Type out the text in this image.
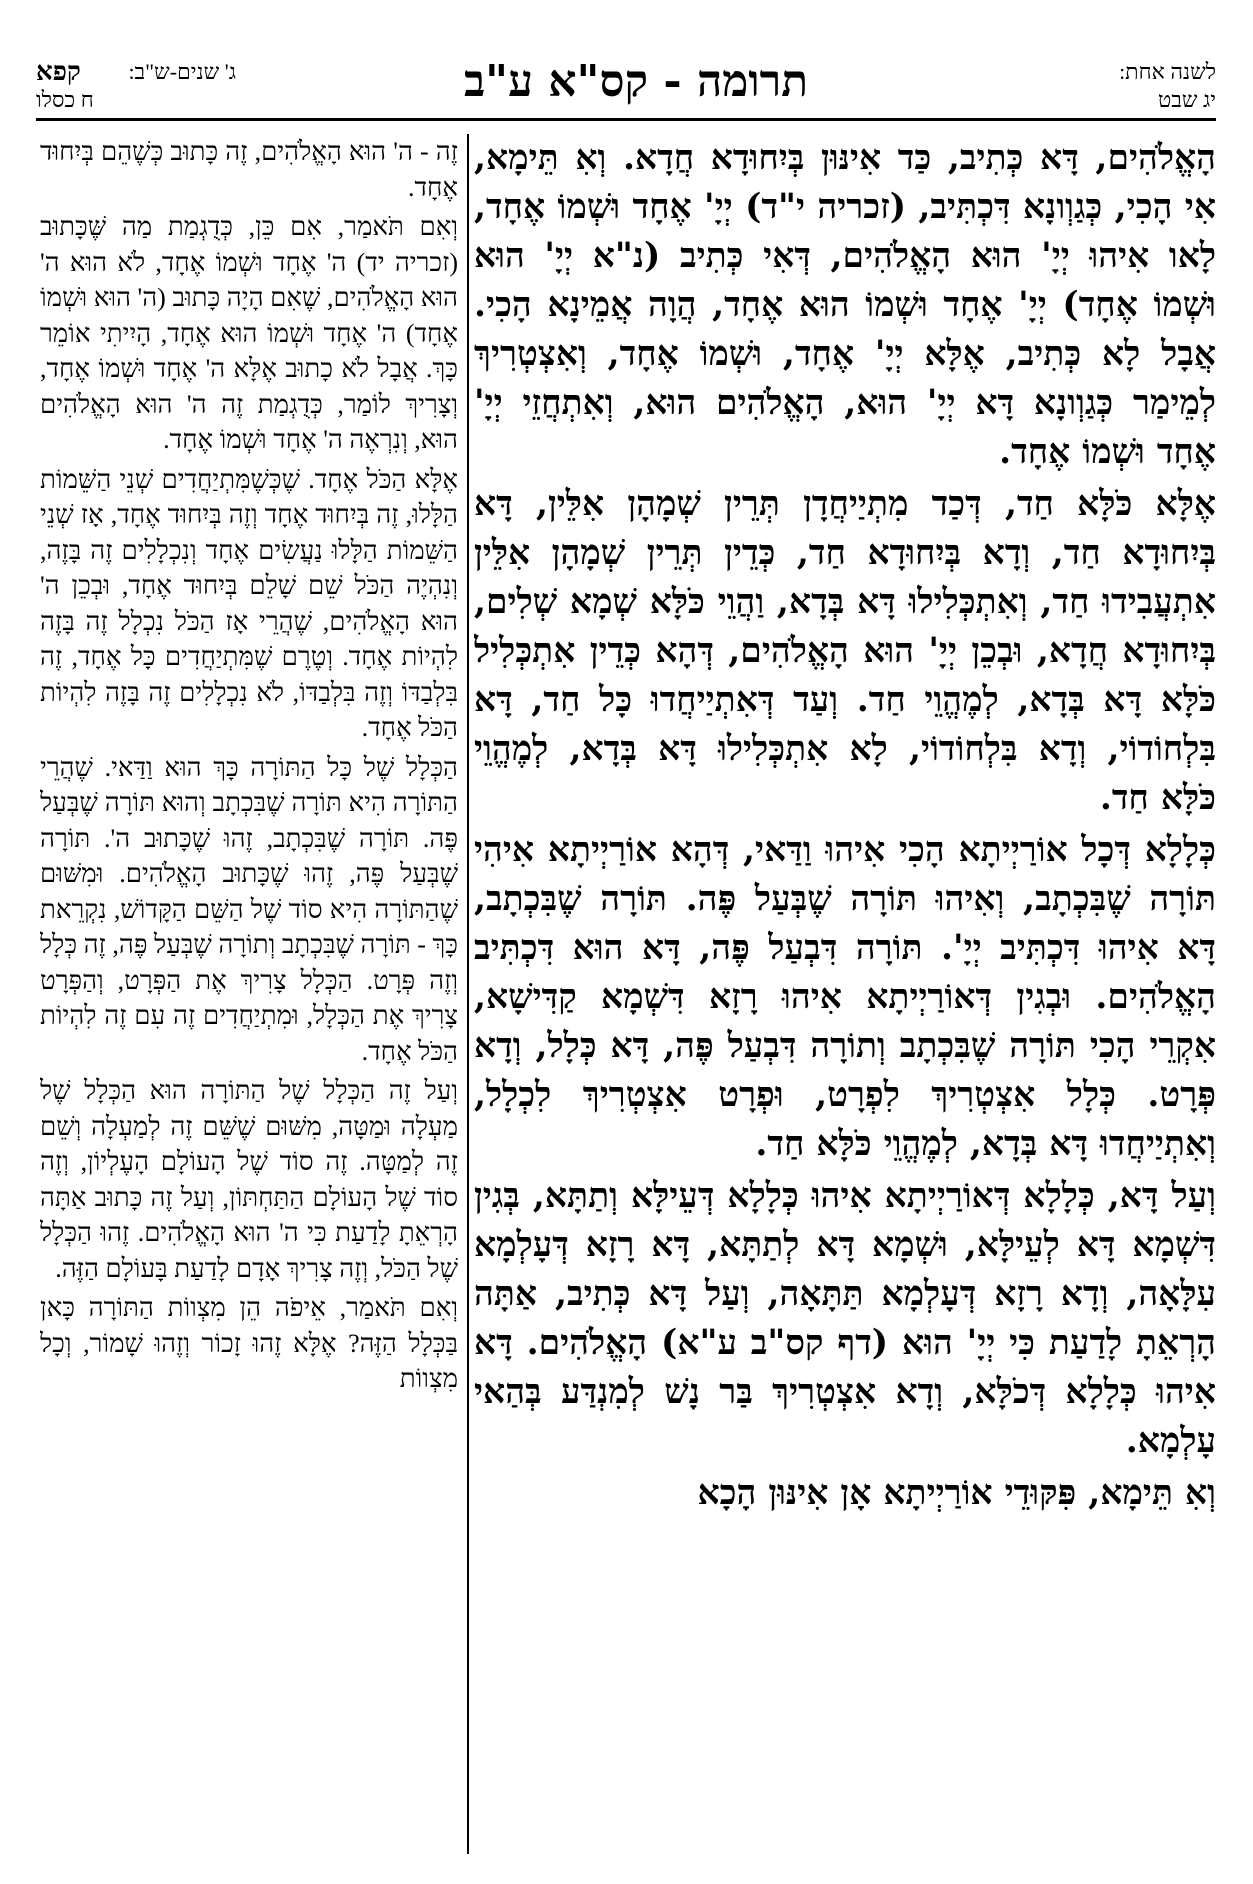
ג' שנים-ש"ב:
קפא
ח כסלו	תרומה - קס"א ע"ב	לשנה אחת:
יג שבט

הָאֱלֹהִים, דָּא כְּתִיב, כַּד אִינּוּן בְּיִחוּדָא חֲדָא. וְאִ תֵּימָא, אִי הָכִי, כְּגַוְונָא דִּכְתִּיב, (זכריה י"ד) יְיָ' אֶחָד וּשְׁמוֹ אֶחָד, לָאו אִיהוּ יְיָ' הוּא הָאֱלֹהִים, דְּאִי כְּתִיב (נ"א יְיָ' הוּא וּשְׁמוֹ אֶחָד) יְיָ' אֶחָד וּשְׁמוֹ הוּא אֶחָד, הֲוָה אֲמֵינָא הָכִי. אֲבָל לָא כְּתִיב, אֶלָּא יְיָ' אֶחָד, וּשְׁמוֹ אֶחָד, וְאִצְטְרִיךְ לְמֵימַר כְּגַוְונָא דָּא יְיָ' הוּא, הָאֱלֹהִים הוּא, וְאִתְחֲזֵי יְיָ' אֶחָד וּשְׁמוֹ אֶחָד.

אֶלָּא כֹּלָּא חַד, דְּכַד מִתְיַיחֲדָן תְּרֵין שְׁמָהָן אִלֵּין, דָּא בְּיִחוּדָא חַד, וְדָא בְּיִחוּדָא חַד, כְּדֵין תְּרֵין שְׁמָהָן אִלֵּין אִתְעֲבִידוּ חַד, וְאִתְכְּלִילוּ דָּא בְּדָא, וַהֲוֵי כֹּלָּא שְׁמָא שְׁלִים, בְּיִחוּדָא חֲדָא, וּבְכֵן יְיָ' הוּא הָאֱלֹהִים, דְּהָא כְּדֵין אִתְכְּלִיל כֹּלָּא דָּא בְּדָא, לְמֶהֱוֵי חַד. וְעַד דְּאִתְיַיחֲדוּ כָּל חַד, דָּא בִּלְחוֹדוֹי, וְדָא בִּלְחוֹדוֹי, לָא אִתְכְּלִילוּ דָּא בְּדָא, לְמֶהֱוֵי כֹּלָּא חַד.

כְּלָלָא דְּכָל אוֹרַיְיתָא הָכִי אִיהוּ וַדַּאי, דְּהָא אוֹרַיְיתָא אִיהִי תּוֹרָה שֶׁבִּכְתָב, וְאִיהוּ תּוֹרָה שֶׁבְּעַל פֶּה. תּוֹרָה שֶׁבִּכְתָב, דָּא אִיהוּ דִּכְתִּיב יְיָ'. תּוֹרָה דִּבְעַל פֶּה, דָּא הוּא דִּכְתִּיב הָאֱלֹהִים. וּבְגִין דְּאוֹרַיְיתָא אִיהוּ רָזָא דִּשְׁמָא קַדִּישָׁא, אִקְרֵי הָכִי תּוֹרָה שֶׁבִּכְתָב וְתוֹרָה דִּבְעַל פֶּה, דָּא כְּלָל, וְדָא פְּרָט. כְּלָל אִצְטְרִיךְ לִפְרָט, וּפְרָט אִצְטְרִיךְ לִכְלָל, וְאִתְיַיחֲדוּ דָּא בְּדָא, לְמֶהֱוֵי כֹּלָּא חַד.

וְעַל דָּא, כְּלָלָא דְּאוֹרַיְיתָא אִיהוּ כְּלָלָא דְּעֵילָּא וְתַתָּא, בְּגִין דִּשְׁמָא דָּא לְעֵילָּא, וּשְׁמָא דָּא לְתַתָּא, דָּא רָזָא דְּעָלְמָא עִלָּאָה, וְדָא רָזָא דְּעָלְמָא תַּתָּאָה, וְעַל דָּא כְּתִיב, אַתָּה הָרְאֵתָ לָדַעַת כִּי יְיָ' הוּא (דף קס"ב ע"א) הָאֱלֹהִים. דָּא אִיהוּ כְּלָלָא דְּכֹלָּא, וְדָא אִצְטְרִיךְ בַּר נָשׁ לְמִנְדַּע בְּהַאי עָלְמָא.

וְאִ תֵּימָא, פִּקּוּדֵי אוֹרַיְיתָא אָן אִינּוּן הָכָא

זֶה - ה' הוּא הָאֱלֹהִים, זֶה כָּתוּב כְּשֶׁהֵם בְּיִחוּד אֶחָד.

וְאִם תֹּאמַר, אִם כֵּן, כְּדֻגְמַת מַה שֶּׁכָּתוּב (זכריה יד) ה' אֶחָד וּשְׁמוֹ אֶחָד, לֹא הוּא ה' הוּא הָאֱלֹהִים, שֶׁאִם הָיָה כָּתוּב (ה' הוּא וּשְׁמוֹ אֶחָד) ה' אֶחָד וּשְׁמוֹ הוּא אֶחָד, הָיִיתִי אוֹמֵר כָּךְ. אֲבָל לֹא כָתוּב אֶלָּא ה' אֶחָד וּשְׁמוֹ אֶחָד, וְצָרִיךְ לוֹמַר, כְּדֻגְמַת זֶה ה' הוּא הָאֱלֹהִים הוּא, וְנִרְאֶה ה' אֶחָד וּשְׁמוֹ אֶחָד.

אֶלָּא הַכֹּל אֶחָד. שֶׁכְּשֶׁמִּתְיַחֲדִים שְׁנֵי הַשֵּׁמוֹת הַלָּלוּ, זֶה בְּיִחוּד אֶחָד וְזֶה בְּיִחוּד אֶחָד, אָז שְׁנֵי הַשֵּׁמוֹת הַלָּלוּ נַעֲשִׂים אֶחָד וְנִכְלָלִים זֶה בָּזֶה, וְנִהְיֶה הַכֹּל שֵׁם שָׁלֵם בְּיִחוּד אֶחָד, וּבְכֵן ה' הוּא הָאֱלֹהִים, שֶׁהֲרֵי אָז הַכֹּל נִכְלָל זֶה בָּזֶה לִהְיוֹת אֶחָד. וְטֶרֶם שֶׁמִּתְיַחֲדִים כָּל אֶחָד, זֶה בִּלְבַדּוֹ וְזֶה בִּלְבַדּוֹ, לֹא נִכְלָלִים זֶה בָּזֶה לִהְיוֹת הַכֹּל אֶחָד.

הַכְּלָל שֶׁל כָּל הַתּוֹרָה כָּךְ הוּא וַדַּאי. שֶׁהֲרֵי הַתּוֹרָה הִיא תּוֹרָה שֶׁבִּכְתָב וְהוּא תּוֹרָה שֶׁבְּעַל פֶּה. תּוֹרָה שֶׁבִּכְתָב, זֶהוּ שֶׁכָּתוּב ה'. תּוֹרָה שֶׁבְּעַל פֶּה, זֶהוּ שֶׁכָּתוּב הָאֱלֹהִים. וּמִשּׁוּם שֶׁהַתּוֹרָה הִיא סוֹד שֶׁל הַשֵּׁם הַקָּדוֹשׁ, נִקְרֵאת כָּךְ - תּוֹרָה שֶׁבִּכְתָב וְתוֹרָה שֶׁבְּעַל פֶּה, זֶה כְּלָל וְזֶה פְּרָט. הַכְּלָל צָרִיךְ אֶת הַפְּרָט, וְהַפְּרָט צָרִיךְ אֶת הַכְּלָל, וּמִתְיַחֲדִים זֶה עִם זֶה לִהְיוֹת הַכֹּל אֶחָד.

וְעַל זֶה הַכְּלָל שֶׁל הַתּוֹרָה הוּא הַכְּלָל שֶׁל מַעְלָה וּמַטָּה, מִשּׁוּם שֶׁשֵּׁם זֶה לְמַעְלָה וְשֵׁם זֶה לְמַטָּה. זֶה סוֹד שֶׁל הָעוֹלָם הָעֶלְיוֹן, וְזֶה סוֹד שֶׁל הָעוֹלָם הַתַּחְתּוֹן, וְעַל זֶה כָּתוּב אַתָּה הָרְאֵתָ לָדַעַת כִּי ה' הוּא הָאֱלֹהִים. זֶהוּ הַכְּלָל שֶׁל הַכֹּל, וְזֶה צָרִיךְ אָדָם לָדַעַת בָּעוֹלָם הַזֶּה.

וְאִם תֹּאמַר, אֵיפֹה הֵן מִצְווֹת הַתּוֹרָה כָּאן בַּכְּלָל הַזֶּה? אֶלָּא זֶהוּ זָכוֹר וְזֶהוּ שָׁמוֹר, וְכָל מִצְווֹת
